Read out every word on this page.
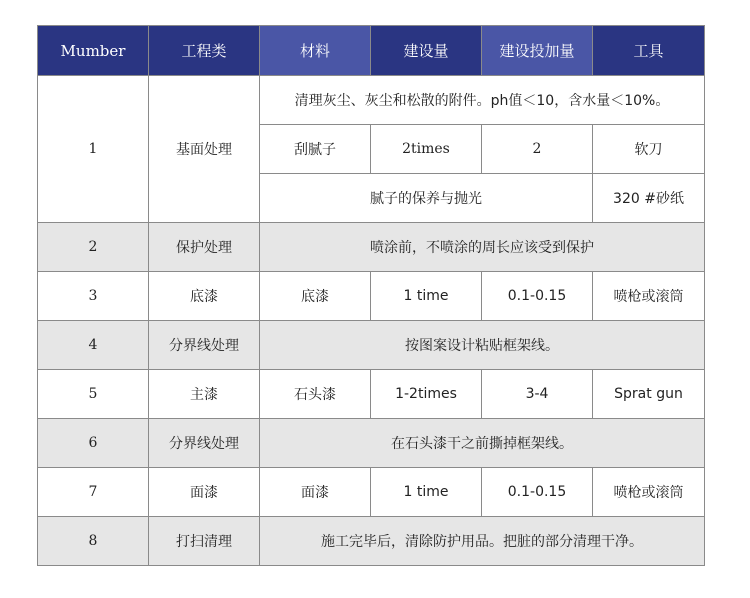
Mumber	工程类	材料	建设量	建设投加量	工具
1	基面处理	清理灰尘、灰尘和松散的附件。ph值＜10，含水量＜10%。			
		刮腻子	2times	2	软刀
		腻子的保养与抛光			320 #砂纸
2	保护处理	喷涂前，不喷涂的周长应该受到保护			
3	底漆	底漆	1 time	0.1-0.15	喷枪或滚筒
4	分界线处理	按图案设计粘贴框架线。			
5	主漆	石头漆	1-2times	3-4	Sprat gun
6	分界线处理	在石头漆干之前撕掉框架线。			
7	面漆	面漆	1 time	0.1-0.15	喷枪或滚筒
8	打扫清理	施工完毕后，清除防护用品。把脏的部分清理干净。			
